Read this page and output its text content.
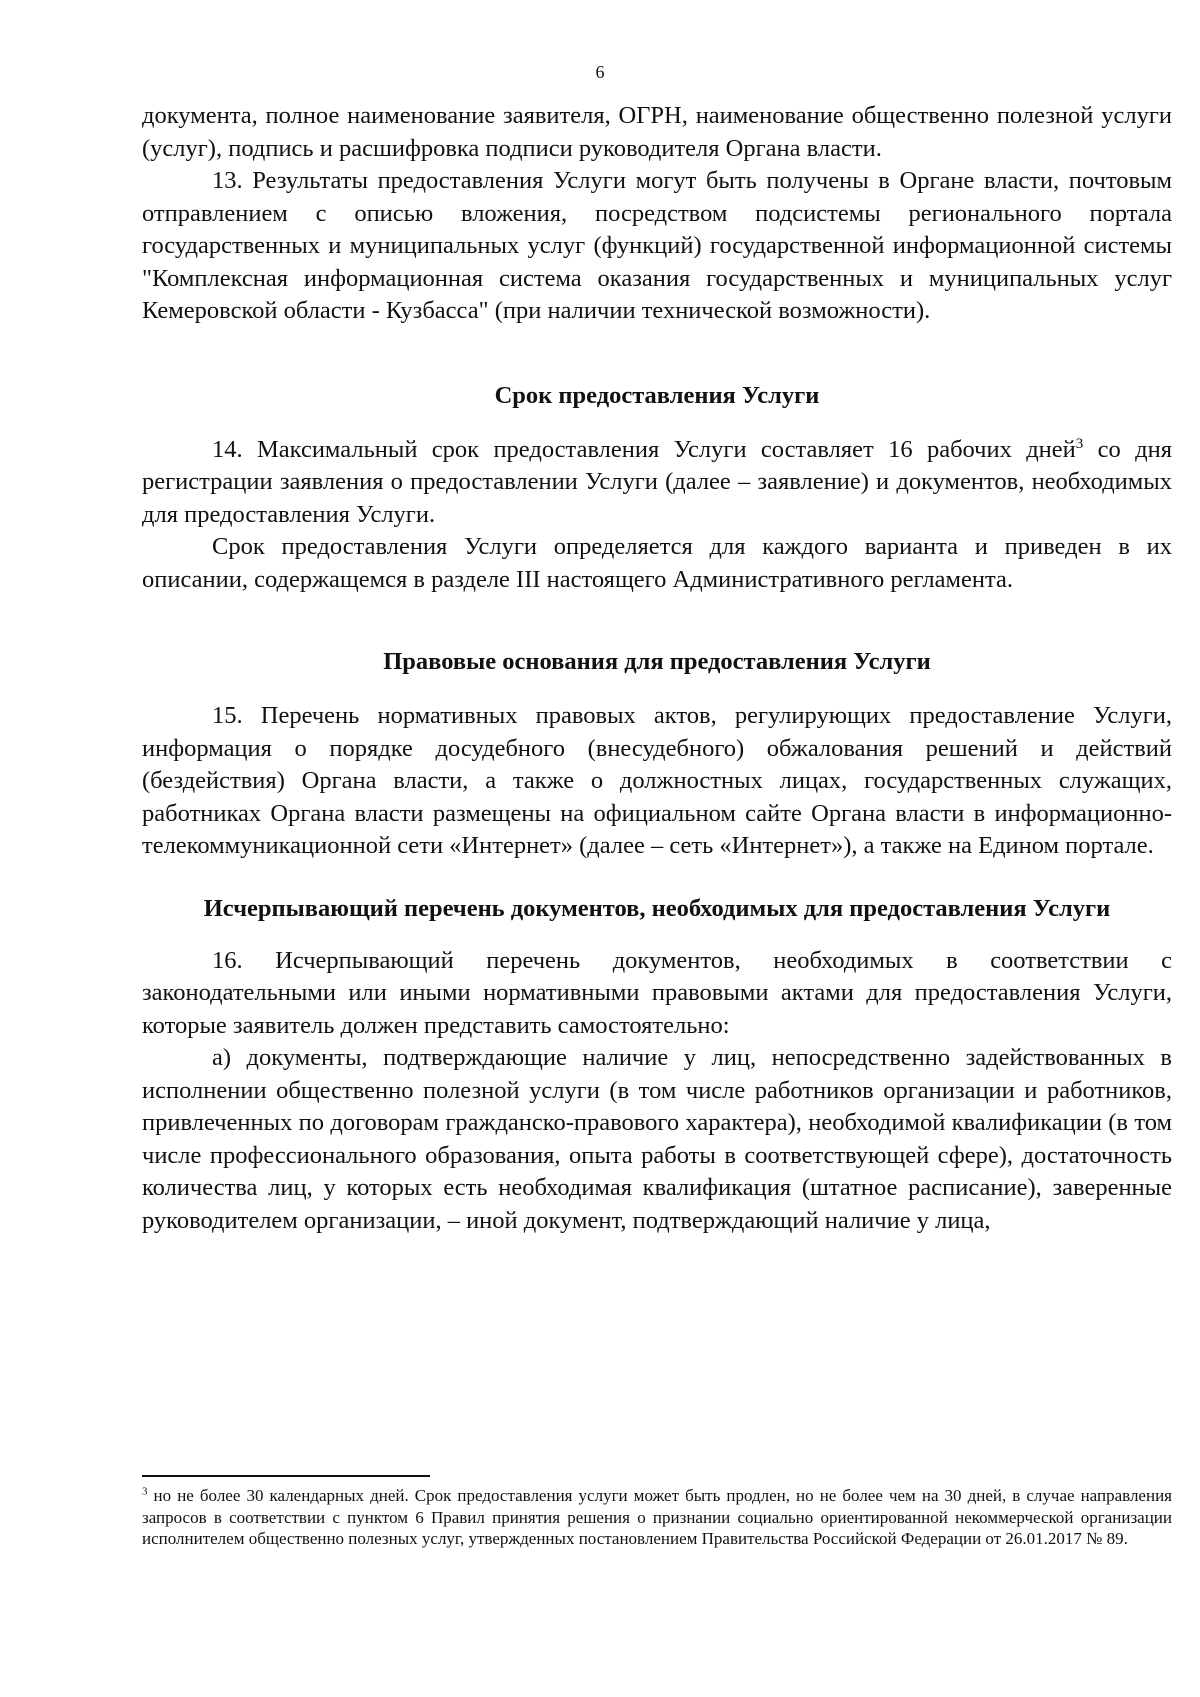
6

документа, полное наименование заявителя, ОГРН, наименование общественно полезной услуги (услуг), подпись и расшифровка подписи руководителя Органа власти.

13. Результаты предоставления Услуги могут быть получены в Органе власти, почтовым отправлением с описью вложения, посредством подсистемы регионального портала государственных и муниципальных услуг (функций) государственной информационной системы "Комплексная информационная система оказания государственных и муниципальных услуг Кемеровской области - Кузбасса" (при наличии технической возможности).

Срок предоставления Услуги

14. Максимальный срок предоставления Услуги составляет 16 рабочих дней$^3$ со дня регистрации заявления о предоставлении Услуги (далее – заявление) и документов, необходимых для предоставления Услуги.

Срок предоставления Услуги определяется для каждого варианта и приведен в их описании, содержащемся в разделе III настоящего Административного регламента.

Правовые основания для предоставления Услуги

15. Перечень нормативных правовых актов, регулирующих предоставление Услуги, информация о порядке досудебного (внесудебного) обжалования решений и действий (бездействия) Органа власти, а также о должностных лицах, государственных служащих, работниках Органа власти размещены на официальном сайте Органа власти в информационно-телекоммуникационной сети «Интернет» (далее – сеть «Интернет»), а также на Едином портале.

Исчерпывающий перечень документов, необходимых для предоставления Услуги

16. Исчерпывающий перечень документов, необходимых в соответствии с законодательными или иными нормативными правовыми актами для предоставления Услуги, которые заявитель должен представить самостоятельно:

а) документы, подтверждающие наличие у лиц, непосредственно задействованных в исполнении общественно полезной услуги (в том числе работников организации и работников, привлеченных по договорам гражданско-правового характера), необходимой квалификации (в том числе профессионального образования, опыта работы в соответствующей сфере), достаточность количества лиц, у которых есть необходимая квалификация (штатное расписание), заверенные руководителем организации, – иной документ, подтверждающий наличие у лица,

$^3$ но не более 30 календарных дней. Срок предоставления услуги может быть продлен, но не более чем на 30 дней, в случае направления запросов в соответствии с пунктом 6 Правил принятия решения о признании социально ориентированной некоммерческой организации исполнителем общественно полезных услуг, утвержденных постановлением Правительства Российской Федерации от 26.01.2017 № 89.
